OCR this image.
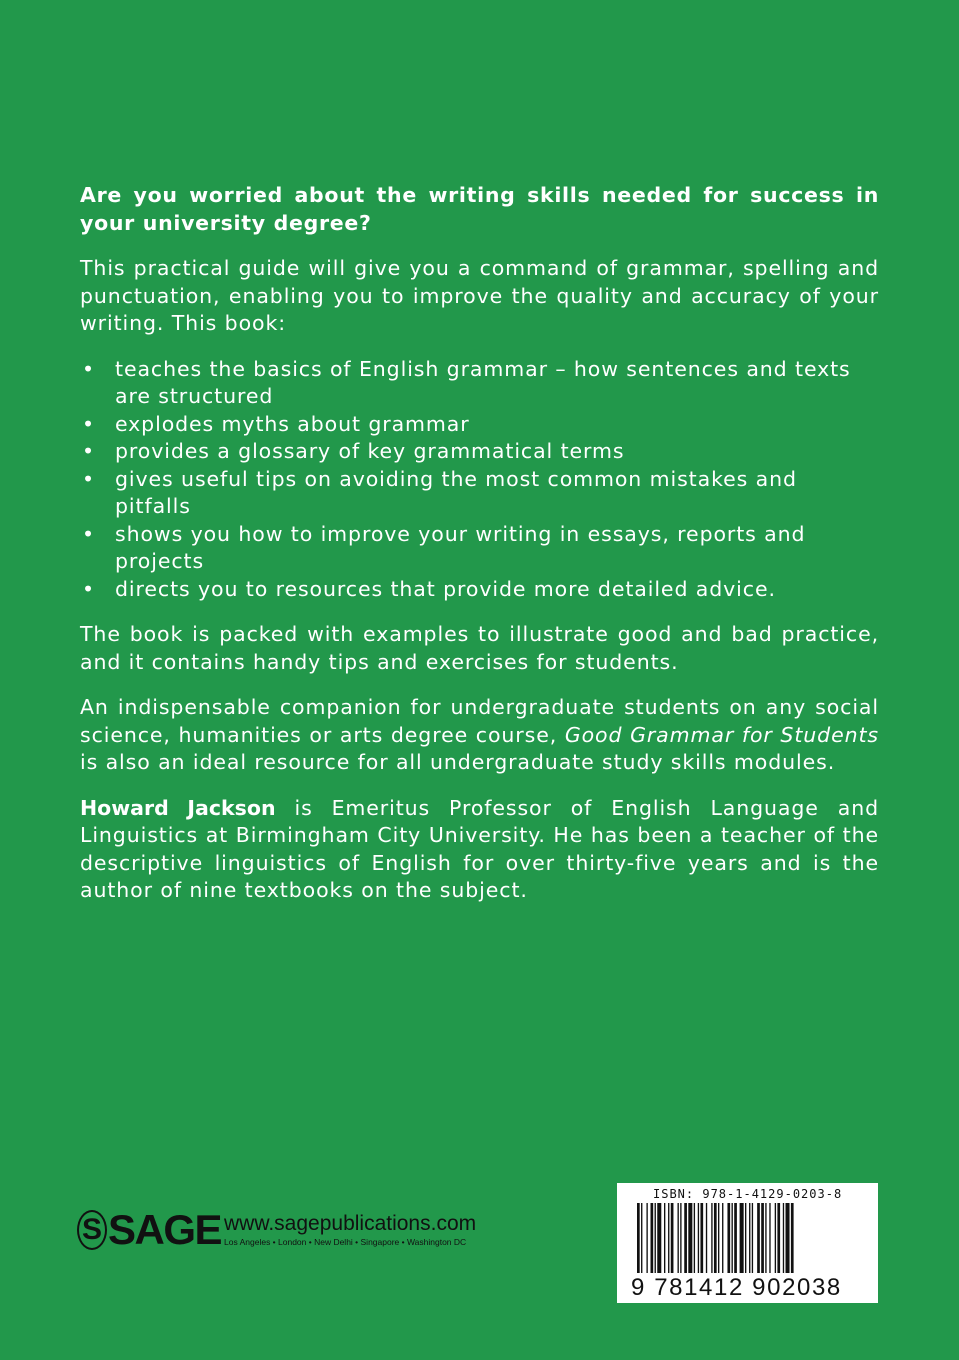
Are you worried about the writing skills needed for success in your university degree?

This practical guide will give you a command of grammar, spelling and punctuation, enabling you to improve the quality and accuracy of your writing. This book:

• teaches the basics of English grammar – how sentences and texts are structured
• explodes myths about grammar
• provides a glossary of key grammatical terms
• gives useful tips on avoiding the most common mistakes and pitfalls
• shows you how to improve your writing in essays, reports and projects
• directs you to resources that provide more detailed advice.

The book is packed with examples to illustrate good and bad practice, and it contains handy tips and exercises for students.

An indispensable companion for undergraduate students on any social science, humanities or arts degree course, Good Grammar for Students is also an ideal resource for all undergraduate study skills modules.

Howard Jackson is Emeritus Professor of English Language and Linguistics at Birmingham City University. He has been a teacher of the descriptive linguistics of English for over thirty-five years and is the author of nine textbooks on the subject.

S SAGE www.sagepublications.com
Los Angeles • London • New Delhi • Singapore • Washington DC
ISBN: 978-1-4129-0203-8
9 781412 902038
